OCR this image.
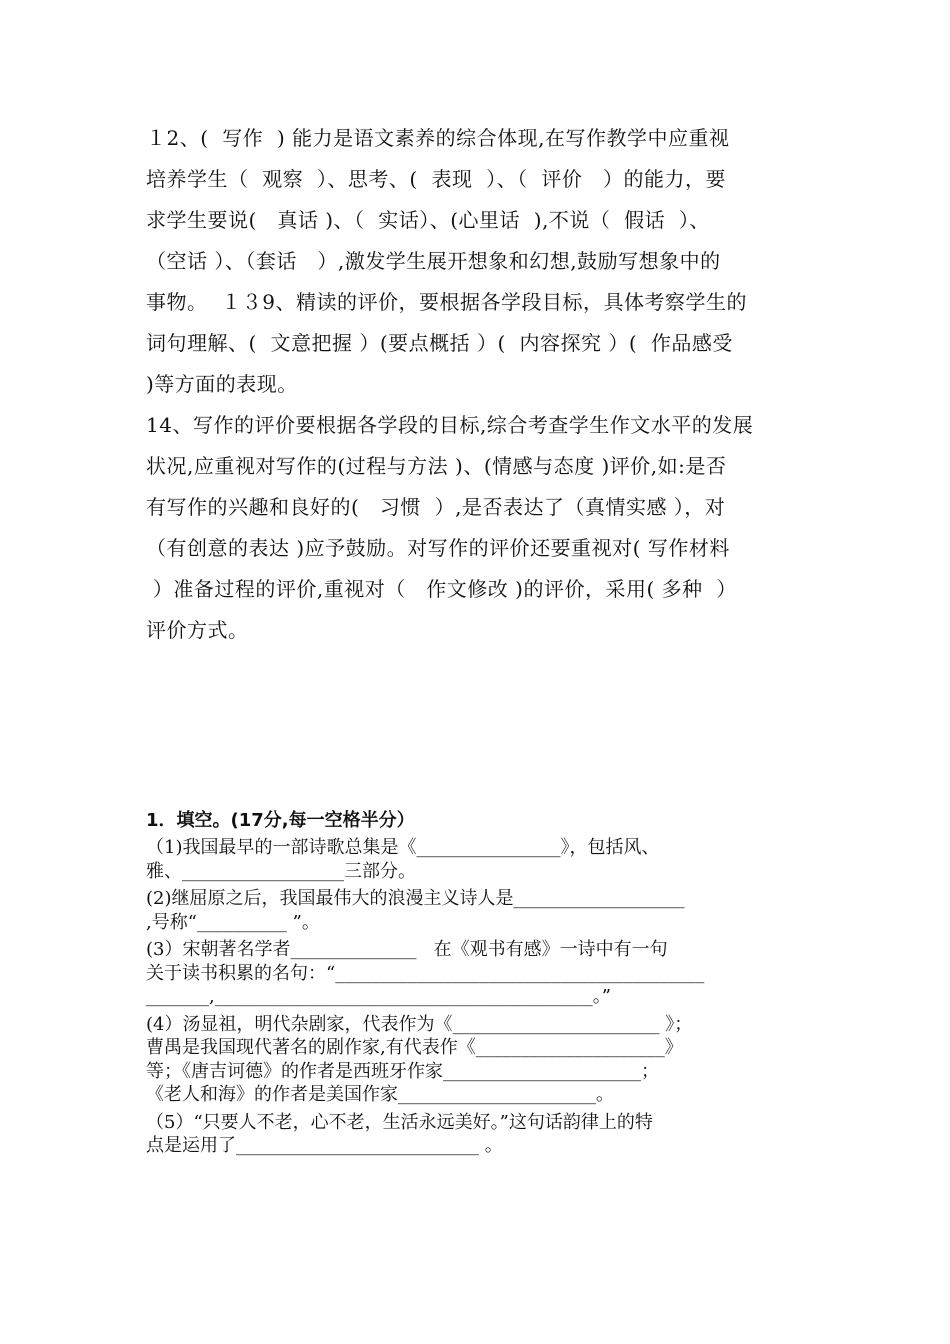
１2、(  写作  ) 能力是语文素养的综合体现,在写作教学中应重视
培养学生（  观察  ）、思考、(  表现  ）、（  评价   ）的能力，要
求学生要说(   真话 )、（  实话）、(心里话  ),不说（  假话  ）、
（空话 ）、（套话   ）,激发学生展开想象和幻想,鼓励写想象中的
事物。  １３9、精读的评价，要根据各学段目标，具体考察学生的
词句理解、(  文意把握 ）(要点概括 ）(  内容探究 ）(  作品感受
)等方面的表现。
14、写作的评价要根据各学段的目标,综合考查学生作文水平的发展
状况,应重视对写作的(过程与方法 )、(情感与态度 )评价,如:是否
有写作的兴趣和良好的(   习惯  ）,是否表达了（真情实感 ），对
（有创意的表达 )应予鼓励。对写作的评价还要重视对( 写作材料
）准备过程的评价,重视对（   作文修改 )的评价，采用( 多种  ）
评价方式。
1．填空。(17分,每一空格半分）
（1)我国最早的一部诗歌总集是《________________》，包括风、
雅、__________________三部分。
(2)继屈原之后，我国最伟大的浪漫主义诗人是___________________
,号称“__________ ”。
(3）宋朝著名学者______________   在《观书有感》一诗中有一句
关于读书积累的名句：“_________________________________________
_______,__________________________________________。”
(4）汤显祖，明代杂剧家，代表作为《_______________________ 》；
曹禺是我国现代著名的剧作家,有代表作《_____________________》
等；《唐吉诃德》的作者是西班牙作家______________________；
《老人和海》的作者是美国作家______________________。
（5）“只要人不老，心不老，生活永远美好。”这句话韵律上的特
点是运用了___________________________ 。
